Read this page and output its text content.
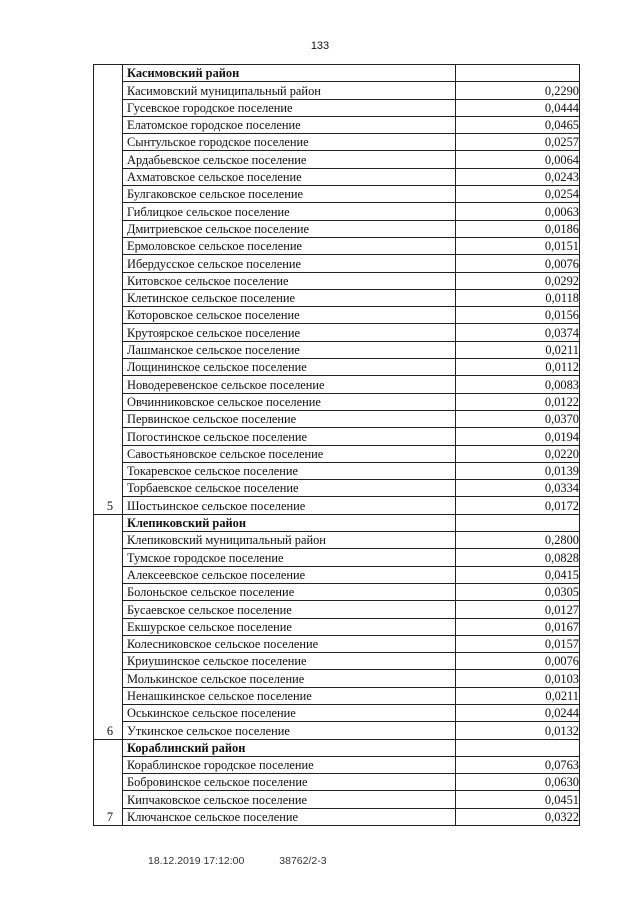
133
5	Касимовский район	
	Касимовский муниципальный район	0,2290
	Гусевское городское поселение	0,0444
	Елатомское городское поселение	0,0465
	Сынтульское городское поселение	0,0257
	Ардабьевское сельское поселение	0,0064
	Ахматовское сельское поселение	0,0243
	Булгаковское сельское поселение	0,0254
	Гиблицкое сельское поселение	0,0063
	Дмитриевское сельское поселение	0,0186
	Ермоловское сельское поселение	0,0151
	Ибердусское сельское поселение	0,0076
	Китовское сельское поселение	0,0292
	Клетинское сельское поселение	0,0118
	Которовское сельское поселение	0,0156
	Крутоярское сельское поселение	0,0374
	Лашманское сельское поселение	0,0211
	Лощининское сельское поселение	0,0112
	Новодеревенское сельское поселение	0,0083
	Овчинниковское сельское поселение	0,0122
	Первинское сельское поселение	0,0370
	Погостинское сельское поселение	0,0194
	Савостьяновское сельское поселение	0,0220
	Токаревское сельское поселение	0,0139
	Торбаевское сельское поселение	0,0334
	Шостьинское сельское поселение	0,0172
6	Клепиковский район	
	Клепиковский муниципальный район	0,2800
	Тумское городское поселение	0,0828
	Алексеевское сельское поселение	0,0415
	Болоньское сельское поселение	0,0305
	Бусаевское сельское поселение	0,0127
	Екшурское сельское поселение	0,0167
	Колесниковское сельское поселение	0,0157
	Криушинское сельское поселение	0,0076
	Молькинское сельское поселение	0,0103
	Ненашкинское сельское поселение	0,0211
	Оськинское сельское поселение	0,0244
	Уткинское сельское поселение	0,0132
7	Кораблинский район	
	Кораблинское городское поселение	0,0763
	Бобровинское сельское поселение	0,0630
	Кипчаковское сельское поселение	0,0451
	Ключанское сельское поселение	0,0322
18.12.2019 17:12:00	38762/2-3
